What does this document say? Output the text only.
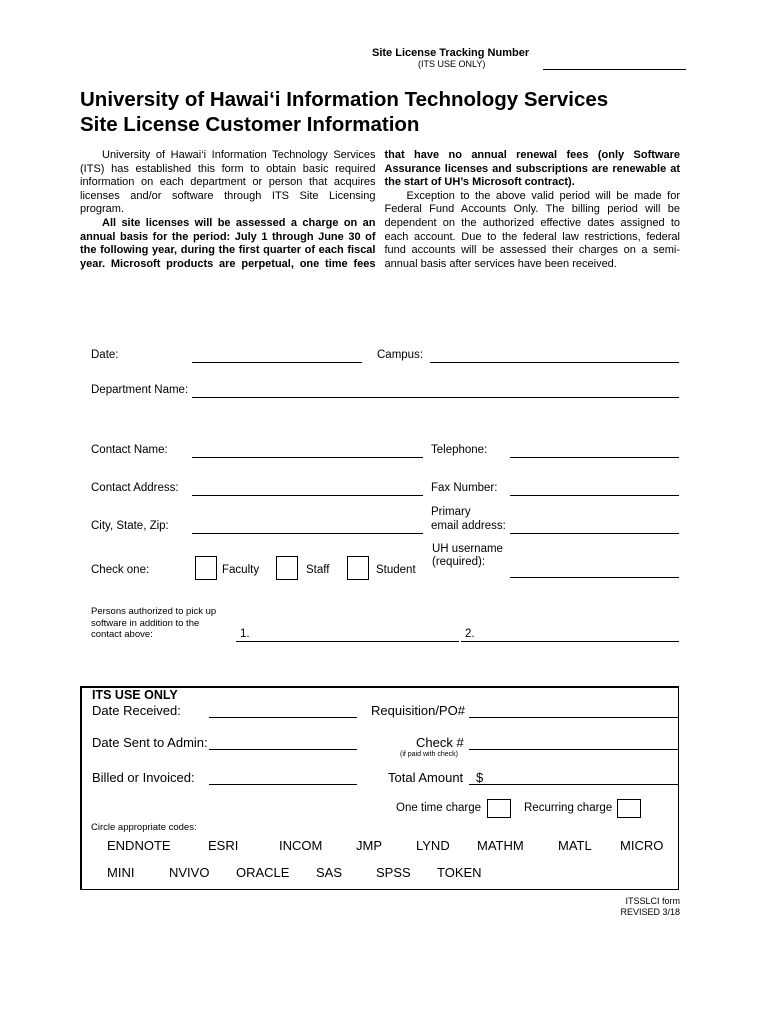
Site License Tracking Number
(ITS USE ONLY)
University of Hawai‘i Information Technology Services
Site License Customer Information

University of Hawai‘i Information Technology Services (ITS) has established this form to obtain basic required information on each department or person that acquires licenses and/or software through ITS Site Licensing program.

All site licenses will be assessed a charge on an annual basis for the period: July 1 through June 30 of the following year, during the first quarter of each fiscal year. Microsoft products are perpetual, one time fees that have no annual renewal fees (only Software Assurance licenses and subscriptions are renewable at the start of UH’s Microsoft contract).

Exception to the above valid period will be made for Federal Fund Accounts Only. The billing period will be dependent on the authorized effective dates assigned to each account. Due to the federal law restrictions, federal fund accounts will be assessed their charges on a semi-annual basis after services have been received.

Date:	Campus:
Department Name:
Contact Name:	Telephone:
Contact Address:	Fax Number:
City, State, Zip:
Primary
email address:
Check one:	Faculty	Staff	Student
UH username
(required):
Persons authorized to pick up
software in addition to the
contact above:	1.	2.
ITS USE ONLY
Date Received:	Requisition/PO#
Date Sent to Admin:	Check #
(if paid with check)
Billed or Invoiced:	Total Amount $
One time charge	Recurring charge
Circle appropriate codes:
ENDNOTE	ESRI	INCOM	JMP	LYND MATHM	MATL MICRO
MINI	NVIVO ORACLE SAS	SPSS TOKEN
ITSSLCI form
REVISED 3/18
